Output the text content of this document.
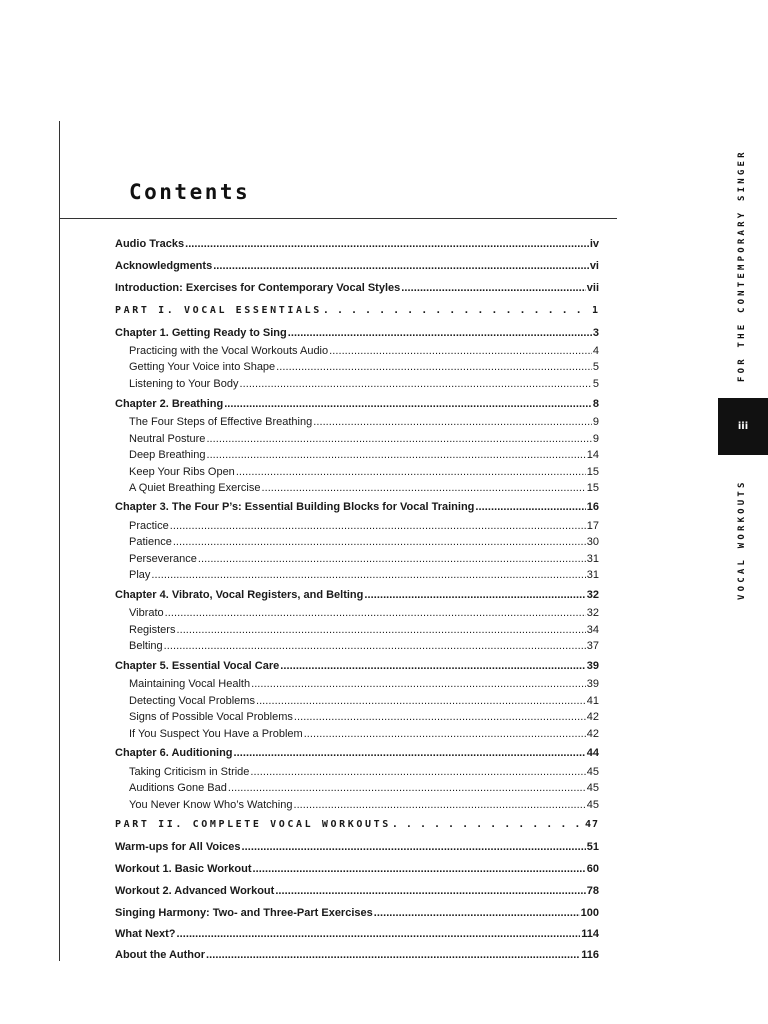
Contents
Audio Tracks . . .	iv
Acknowledgments . . .	vi
Introduction: Exercises for Contemporary Vocal Styles . . .	vii
PART I. VOCAL ESSENTIALS . . .	1
Chapter 1. Getting Ready to Sing . . .	3
Practicing with the Vocal Workouts Audio . . .	4
Getting Your Voice into Shape . . .	5
Listening to Your Body . . .	5
Chapter 2. Breathing . . .	8
The Four Steps of Effective Breathing . . .	9
Neutral Posture . . .	9
Deep Breathing . . .	14
Keep Your Ribs Open . . .	15
A Quiet Breathing Exercise . . .	15
Chapter 3. The Four P’s: Essential Building Blocks for Vocal Training . . .	16
Practice . . .	17
Patience . . .	30
Perseverance . . .	31
Play . . .	31
Chapter 4. Vibrato, Vocal Registers, and Belting . . .	32
Vibrato . . .	32
Registers . . .	34
Belting . . .	37
Chapter 5. Essential Vocal Care . . .	39
Maintaining Vocal Health . . .	39
Detecting Vocal Problems . . .	41
Signs of Possible Vocal Problems . . .	42
If You Suspect You Have a Problem . . .	42
Chapter 6. Auditioning . . .	44
Taking Criticism in Stride . . .	45
Auditions Gone Bad . . .	45
You Never Know Who’s Watching . . .	45
PART II. COMPLETE VOCAL WORKOUTS . . .	47
Warm-ups for All Voices . . .	51
Workout 1. Basic Workout . . .	60
Workout 2. Advanced Workout . . .	78
Singing Harmony: Two- and Three-Part Exercises . . .	100
What Next? . . .	114
About the Author . . .	116
FOR THE CONTEMPORARY SINGER
iii
VOCAL WORKOUTS
